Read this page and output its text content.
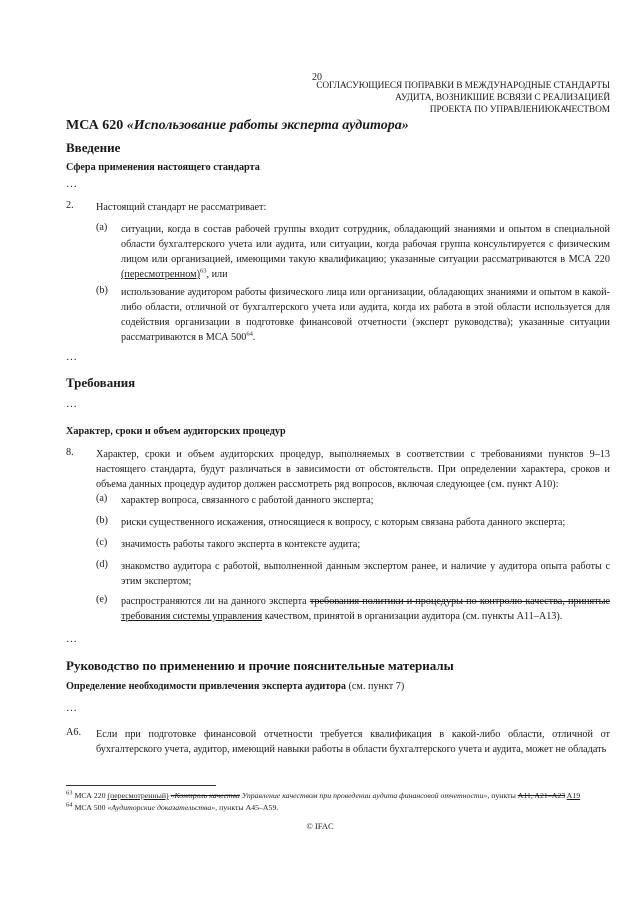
20
СОГЛАСУЮЩИЕСЯ ПОПРАВКИ В МЕЖДУНАРОДНЫЕ СТАНДАРТЫ
АУДИТА, ВОЗНИКШИЕ ВСВЯЗИ С РЕАЛИЗАЦИЕЙ
ПРОЕКТА ПО УПРАВЛЕНИЮКАЧЕСТВОМ
МСА 620 «Использование работы эксперта аудитора»
Введение
Сфера применения настоящего стандарта
…
2. Настоящий стандарт не рассматривает:
(a) ситуации, когда в состав рабочей группы входит сотрудник, обладающий знаниями и опытом в специальной области бухгалтерского учета или аудита, или ситуации, когда рабочая группа консультируется с физическим лицом или организацией, имеющими такую квалификацию; указанные ситуации рассматриваются в МСА 220 (пересмотренном)$^{63}$, или
(b) использование аудитором работы физического лица или организации, обладающих знаниями и опытом в какой-либо области, отличной от бухгалтерского учета или аудита, когда их работа в этой области используется для содействия организации в подготовке финансовой отчетности (эксперт руководства); указанные ситуации рассматриваются в МСА $500^{64}$.
…
Требования
…
Характер, сроки и объем аудиторских процедур
8. Характер, сроки и объем аудиторских процедур, выполняемых в соответствии с требованиями пунктов 9–13 настоящего стандарта, будут различаться в зависимости от обстоятельств. При определении характера, сроков и объема данных процедур аудитор должен рассмотреть ряд вопросов, включая следующее (см. пункт A10):
(a) характер вопроса, связанного с работой данного эксперта;
(b) риски существенного искажения, относящиеся к вопросу, с которым связана работа данного эксперта;
(c) значимость работы такого эксперта в контексте аудита;
(d) знакомство аудитора с работой, выполненной данным экспертом ранее, и наличие у аудитора опыта работы с этим экспертом;
(e) распространяются ли на данного эксперта требования политики и процедуры по контролю качества, принятые требования системы управления качеством, принятой в организации аудитора (см. пункты A11–A13).
…
Руководство по применению и прочие пояснительные материалы
Определение необходимости привлечения эксперта аудитора (см. пункт 7)
…
A6. Если при подготовке финансовой отчетности требуется квалификация в какой-либо области, отличной от бухгалтерского учета, аудитор, имеющий навыки работы в области бухгалтерского учета и аудита, может не обладать
$^{63}$ МСА 220 (пересмотренный) «Контроль качества Управление качеством при проведении аудита финансовой отчетности», пункты A11, A21–A23 A19
$^{64}$ МСА 500 «Аудиторские доказательства», пункты A45–A59.
© IFAC
